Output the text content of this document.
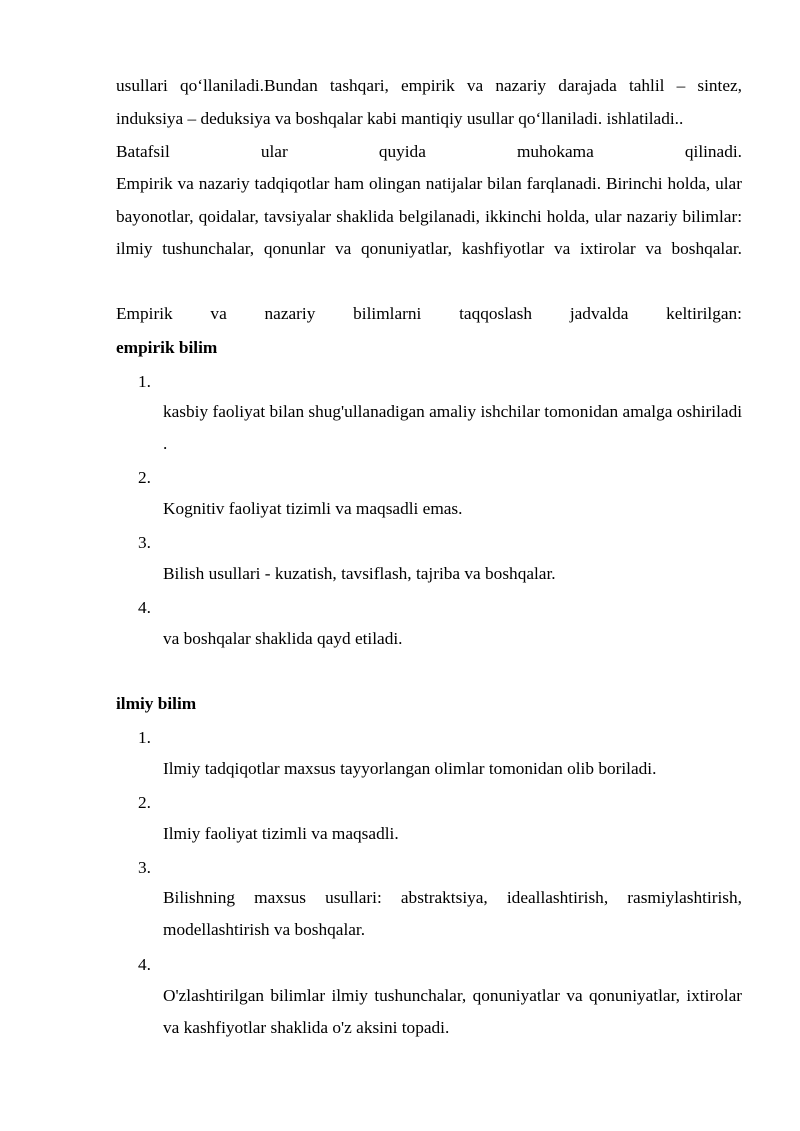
usullari qo‘llaniladi.Bundan tashqari, empirik va nazariy darajada tahlil – sintez, induksiya – deduksiya va boshqalar kabi mantiqiy usullar qo‘llaniladi. ishlatiladi..
Batafsil ular quyida muhokama qilinadi.
Empirik va nazariy tadqiqotlar ham olingan natijalar bilan farqlanadi. Birinchi holda, ular bayonotlar, qoidalar, tavsiyalar shaklida belgilanadi, ikkinchi holda, ular nazariy bilimlar: ilmiy tushunchalar, qonunlar va qonuniyatlar, kashfiyotlar va ixtirolar va boshqalar.
Empirik va nazariy bilimlarni taqqoslash jadvalda keltirilgan:
empirik bilim
1.
kasbiy faoliyat bilan shug'ullanadigan amaliy ishchilar tomonidan amalga oshiriladi .
2.
Kognitiv faoliyat tizimli va maqsadli emas.
3.
Bilish usullari - kuzatish, tavsiflash, tajriba va boshqalar.
4.
va boshqalar shaklida qayd etiladi.
ilmiy bilim
1.
Ilmiy tadqiqotlar maxsus tayyorlangan olimlar tomonidan olib boriladi.
2.
Ilmiy faoliyat tizimli va maqsadli.
3.
Bilishning maxsus usullari: abstraktsiya, ideallashtirish, rasmiylashtirish, modellashtirish va boshqalar.
4.
O'zlashtirilgan bilimlar ilmiy tushunchalar, qonuniyatlar va qonuniyatlar, ixtirolar va kashfiyotlar shaklida o'z aksini topadi.
